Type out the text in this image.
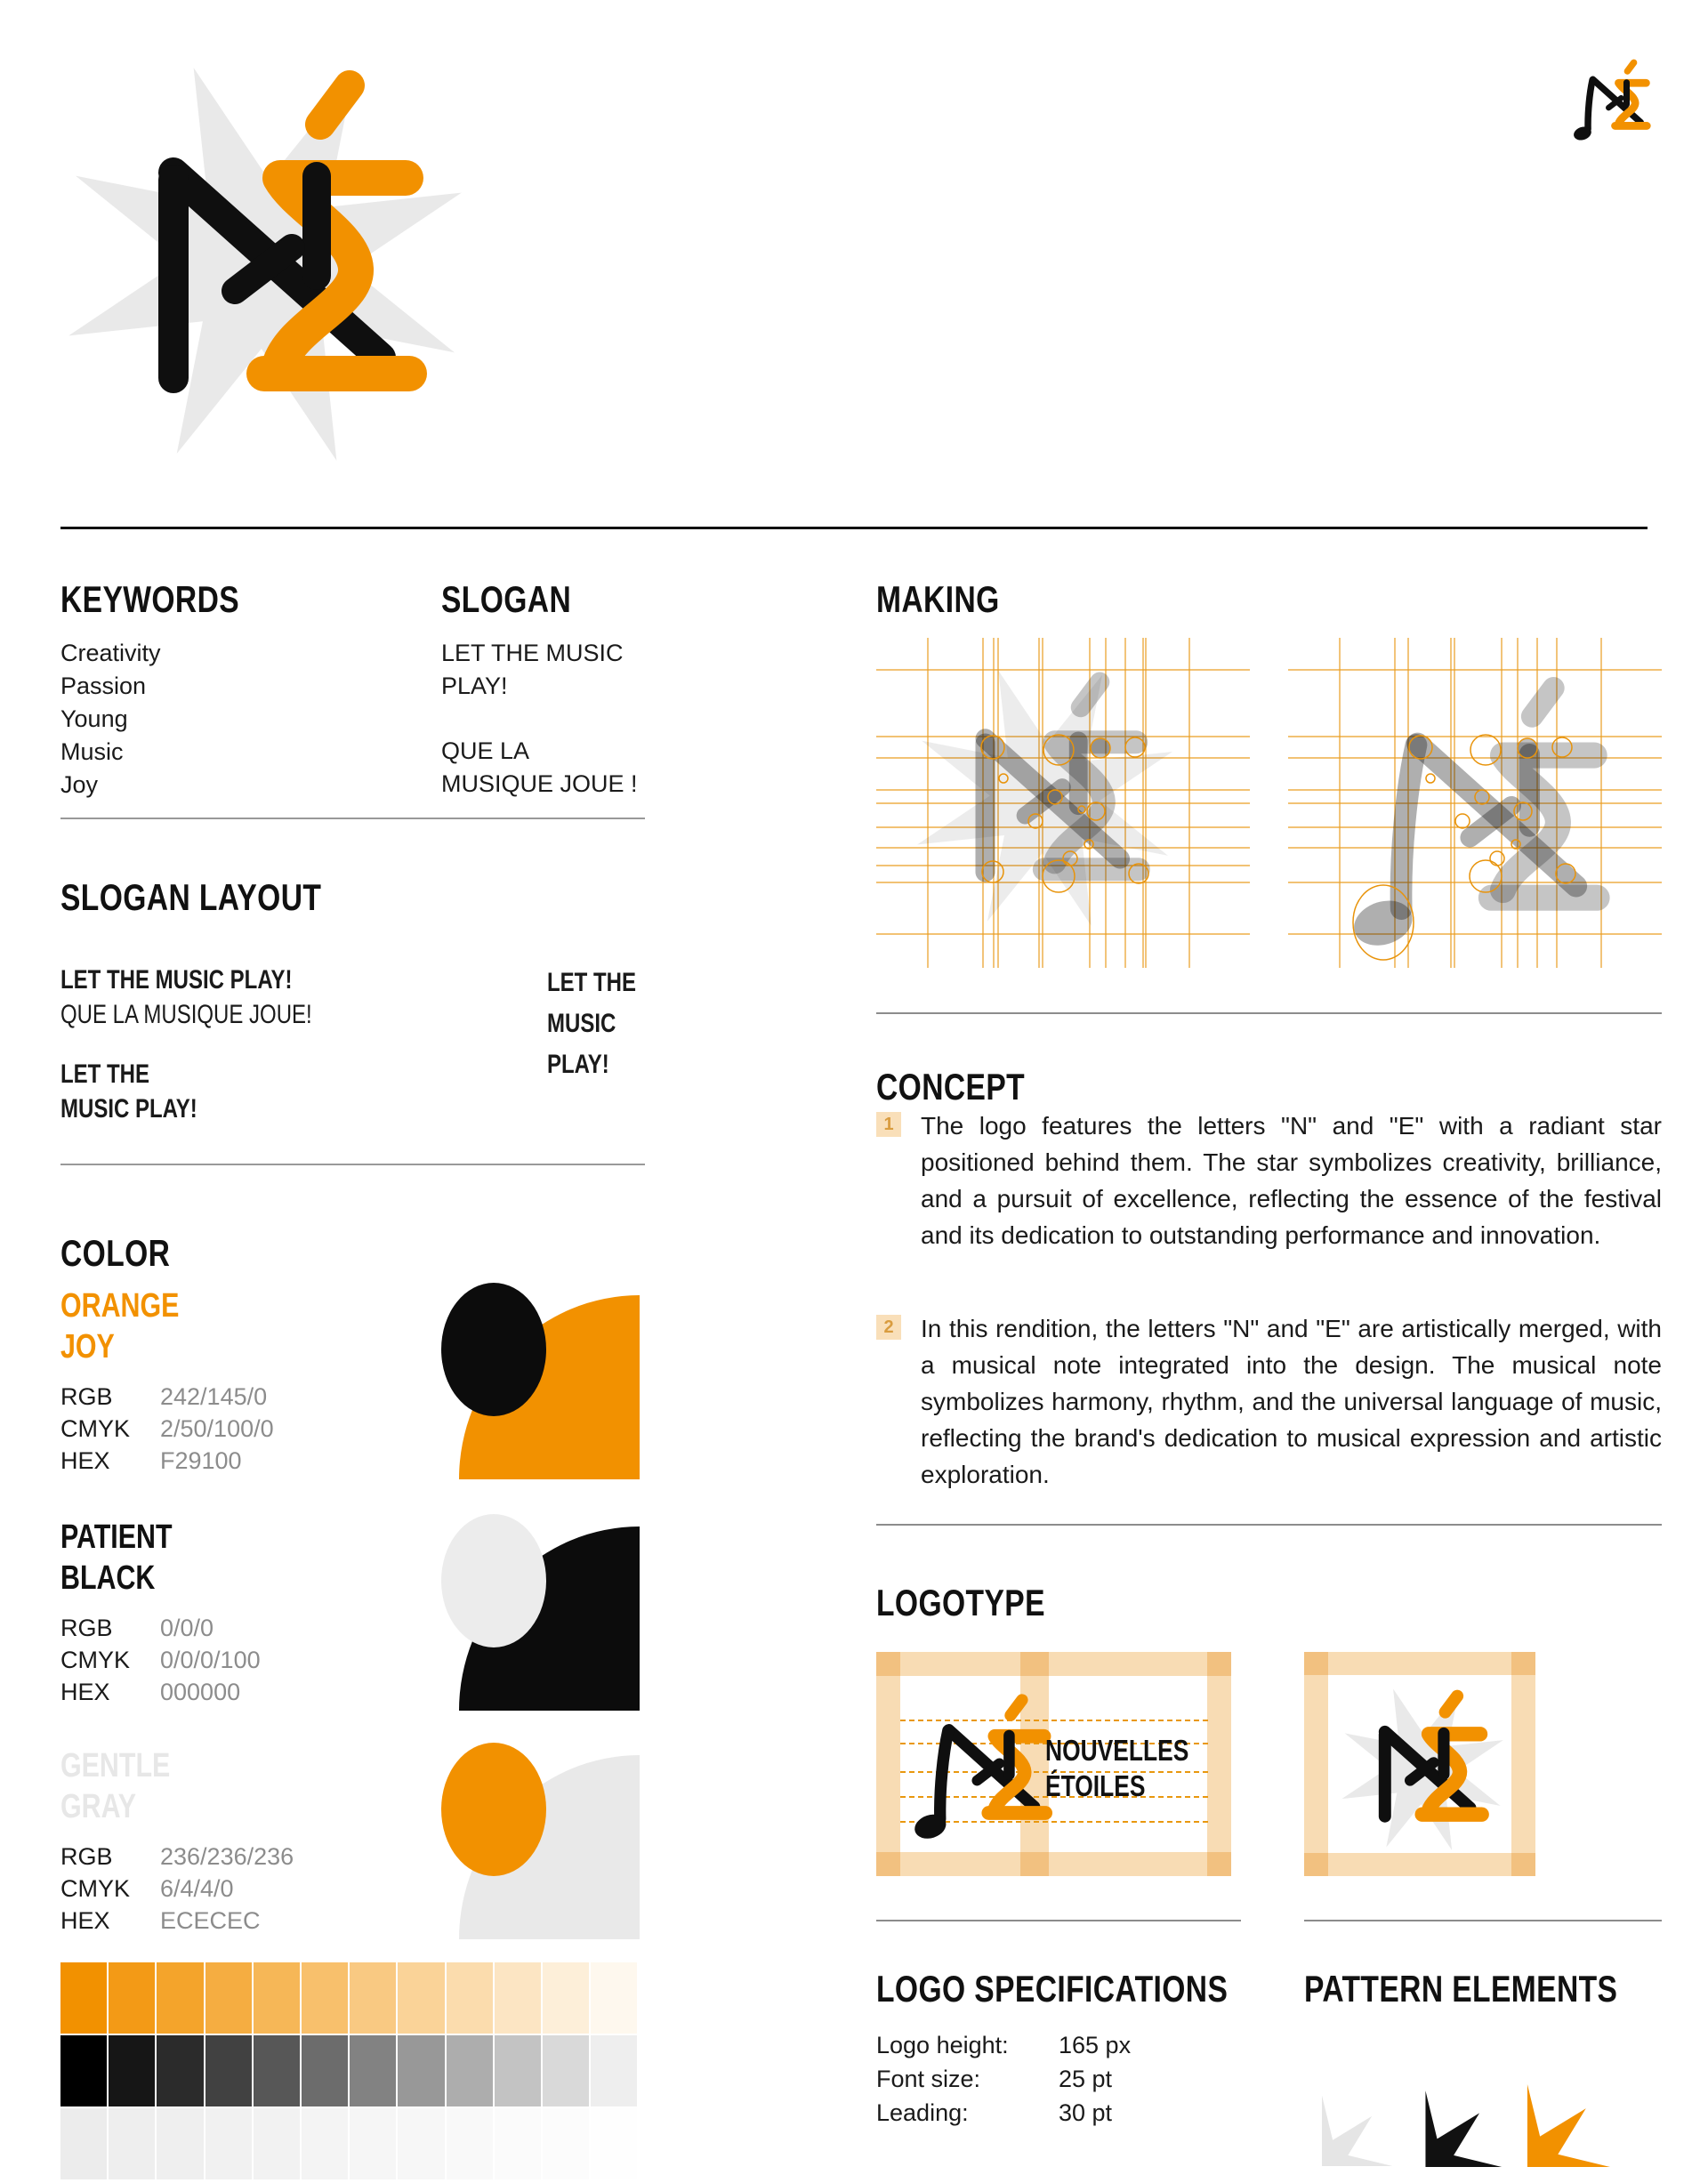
KEYWORDS
Creativity
Passion
Young
Music
Joy
SLOGAN
LET THE MUSIC
PLAY!
QUE LA
MUSIQUE JOUE !
SLOGAN LAYOUT
LET THE MUSIC PLAY!
QUE LA MUSIQUE JOUE!
LET THE
MUSIC PLAY!
LET THE
MUSIC
PLAY!
COLOR
ORANGE
JOY
RGB 242/145/0
CMYK 2/50/100/0
HEX F29100
PATIENT
BLACK
RGB 0/0/0
CMYK 0/0/0/100
HEX 000000
GENTLE
GRAY
RGB 236/236/236
CMYK 6/4/4/0
HEX ECECEC
MAKING
CONCEPT
1	The logo features the letters "N" and "E" with a radiant star positioned behind them. The star symbolizes creativity, brilliance, and a pursuit of excellence, reflecting the essence of the festival and its dedication to outstanding performance and innovation.
2	In this rendition, the letters "N" and "E" are artistically merged, with a musical note integrated into the design. The musical note symbolizes harmony, rhythm, and the universal language of music, reflecting the brand's dedication to musical expression and artistic exploration.
LOGOTYPE
NOUVELLES
ÉTOILES
LOGO SPECIFICATIONS
Logo height: 165 px
Font size:	25 pt
Leading:	30 pt
PATTERN ELEMENTS
